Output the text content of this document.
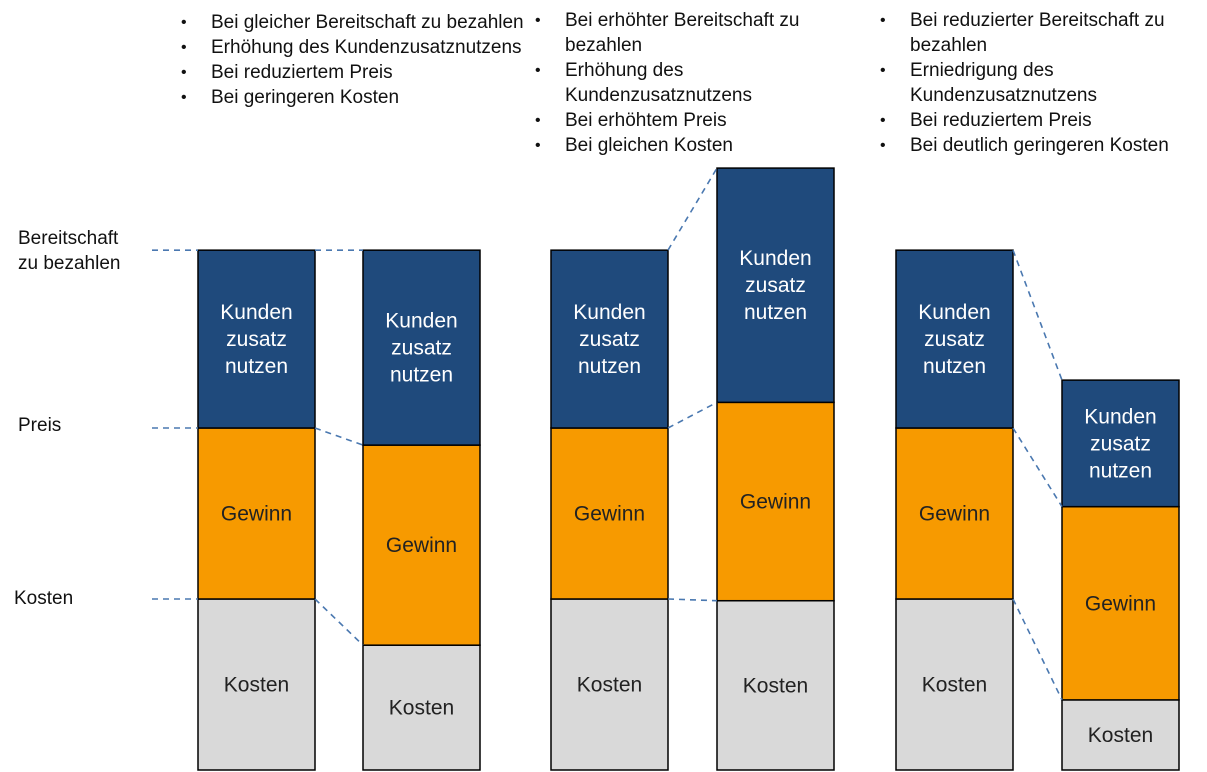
Kosten
Gewinn
Kunden
zusatz
nutzen
Kosten
Gewinn
Kunden
zusatz
nutzen
Kosten
Gewinn
Kunden
zusatz
nutzen
Kosten
Gewinn
Kunden
zusatz
nutzen
Kosten
Gewinn
Kunden
zusatz
nutzen
Kosten
Gewinn
Kunden
zusatz
nutzen
Bereitschaft
zu bezahlen
Preis
Kosten
• Bei gleicher Bereitschaft zu bezahlen
• Erhöhung des Kundenzusatznutzens
• Bei reduziertem Preis
• Bei geringeren Kosten
• Bei erhöhter Bereitschaft zu bezahlen
• Erhöhung des Kundenzusatznutzens
• Bei erhöhtem Preis
• Bei gleichen Kosten
• Bei reduzierter Bereitschaft zu bezahlen
• Erniedrigung des Kundenzusatznutzens
• Bei reduziertem Preis
• Bei deutlich geringeren Kosten
